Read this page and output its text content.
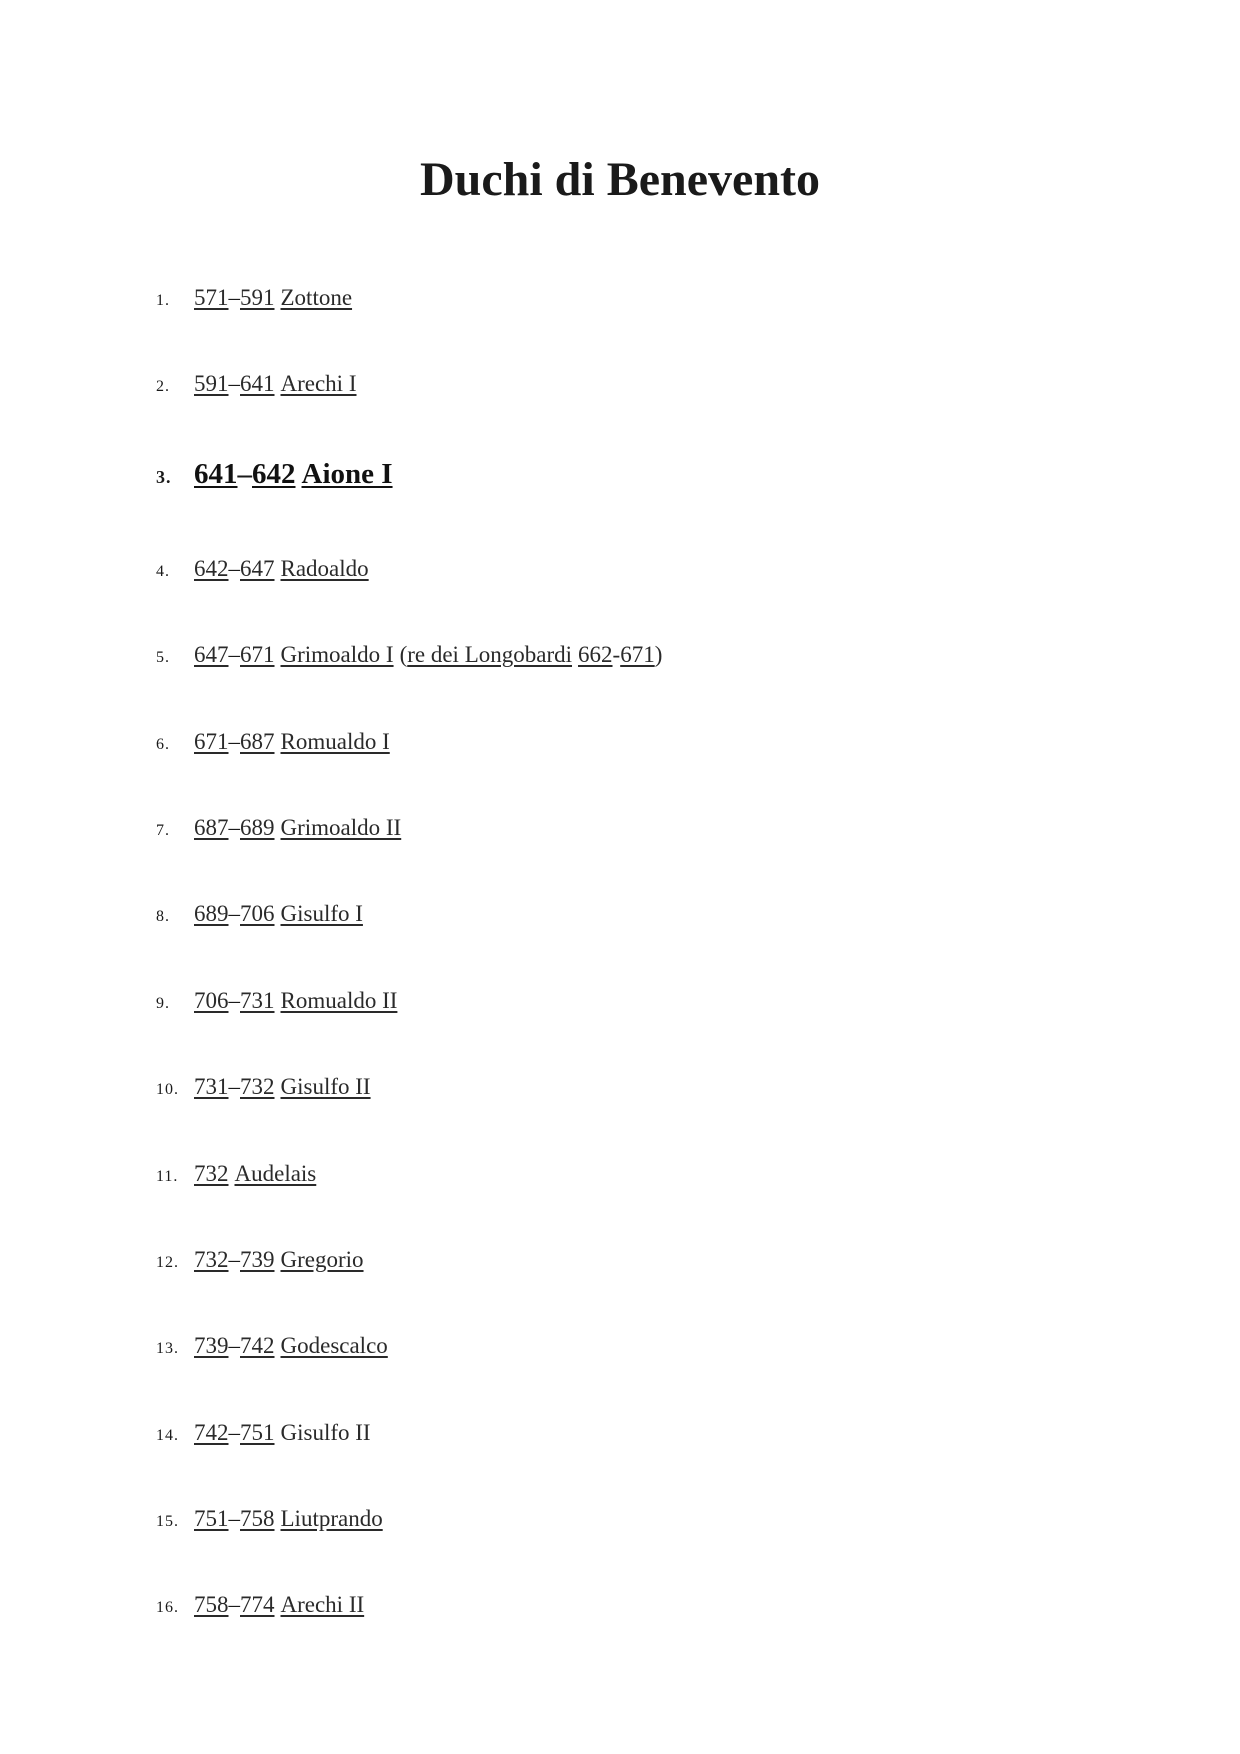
Duchi di Benevento
1.	571 – 591 Zottone
2.	591 – 641 Arechi I
3. 641 – 642 Aione I
4.	642 – 647 Radoaldo
5.	647 – 671 Grimoaldo I ( re dei Longobardi 662 - 671 )
6.	671 – 687 Romualdo I
7.	687 – 689 Grimoaldo II
8.	689 – 706 Gisulfo I
9.	706 – 731 Romualdo II
10. 731 – 732 Gisulfo II
11. 732 Audelais
12. 732 – 739 Gregorio
13. 739 – 742 Godescalco
14. 742 – 751 Gisulfo II
15. 751 – 758 Liutprando
16. 758 – 774 Arechi II
